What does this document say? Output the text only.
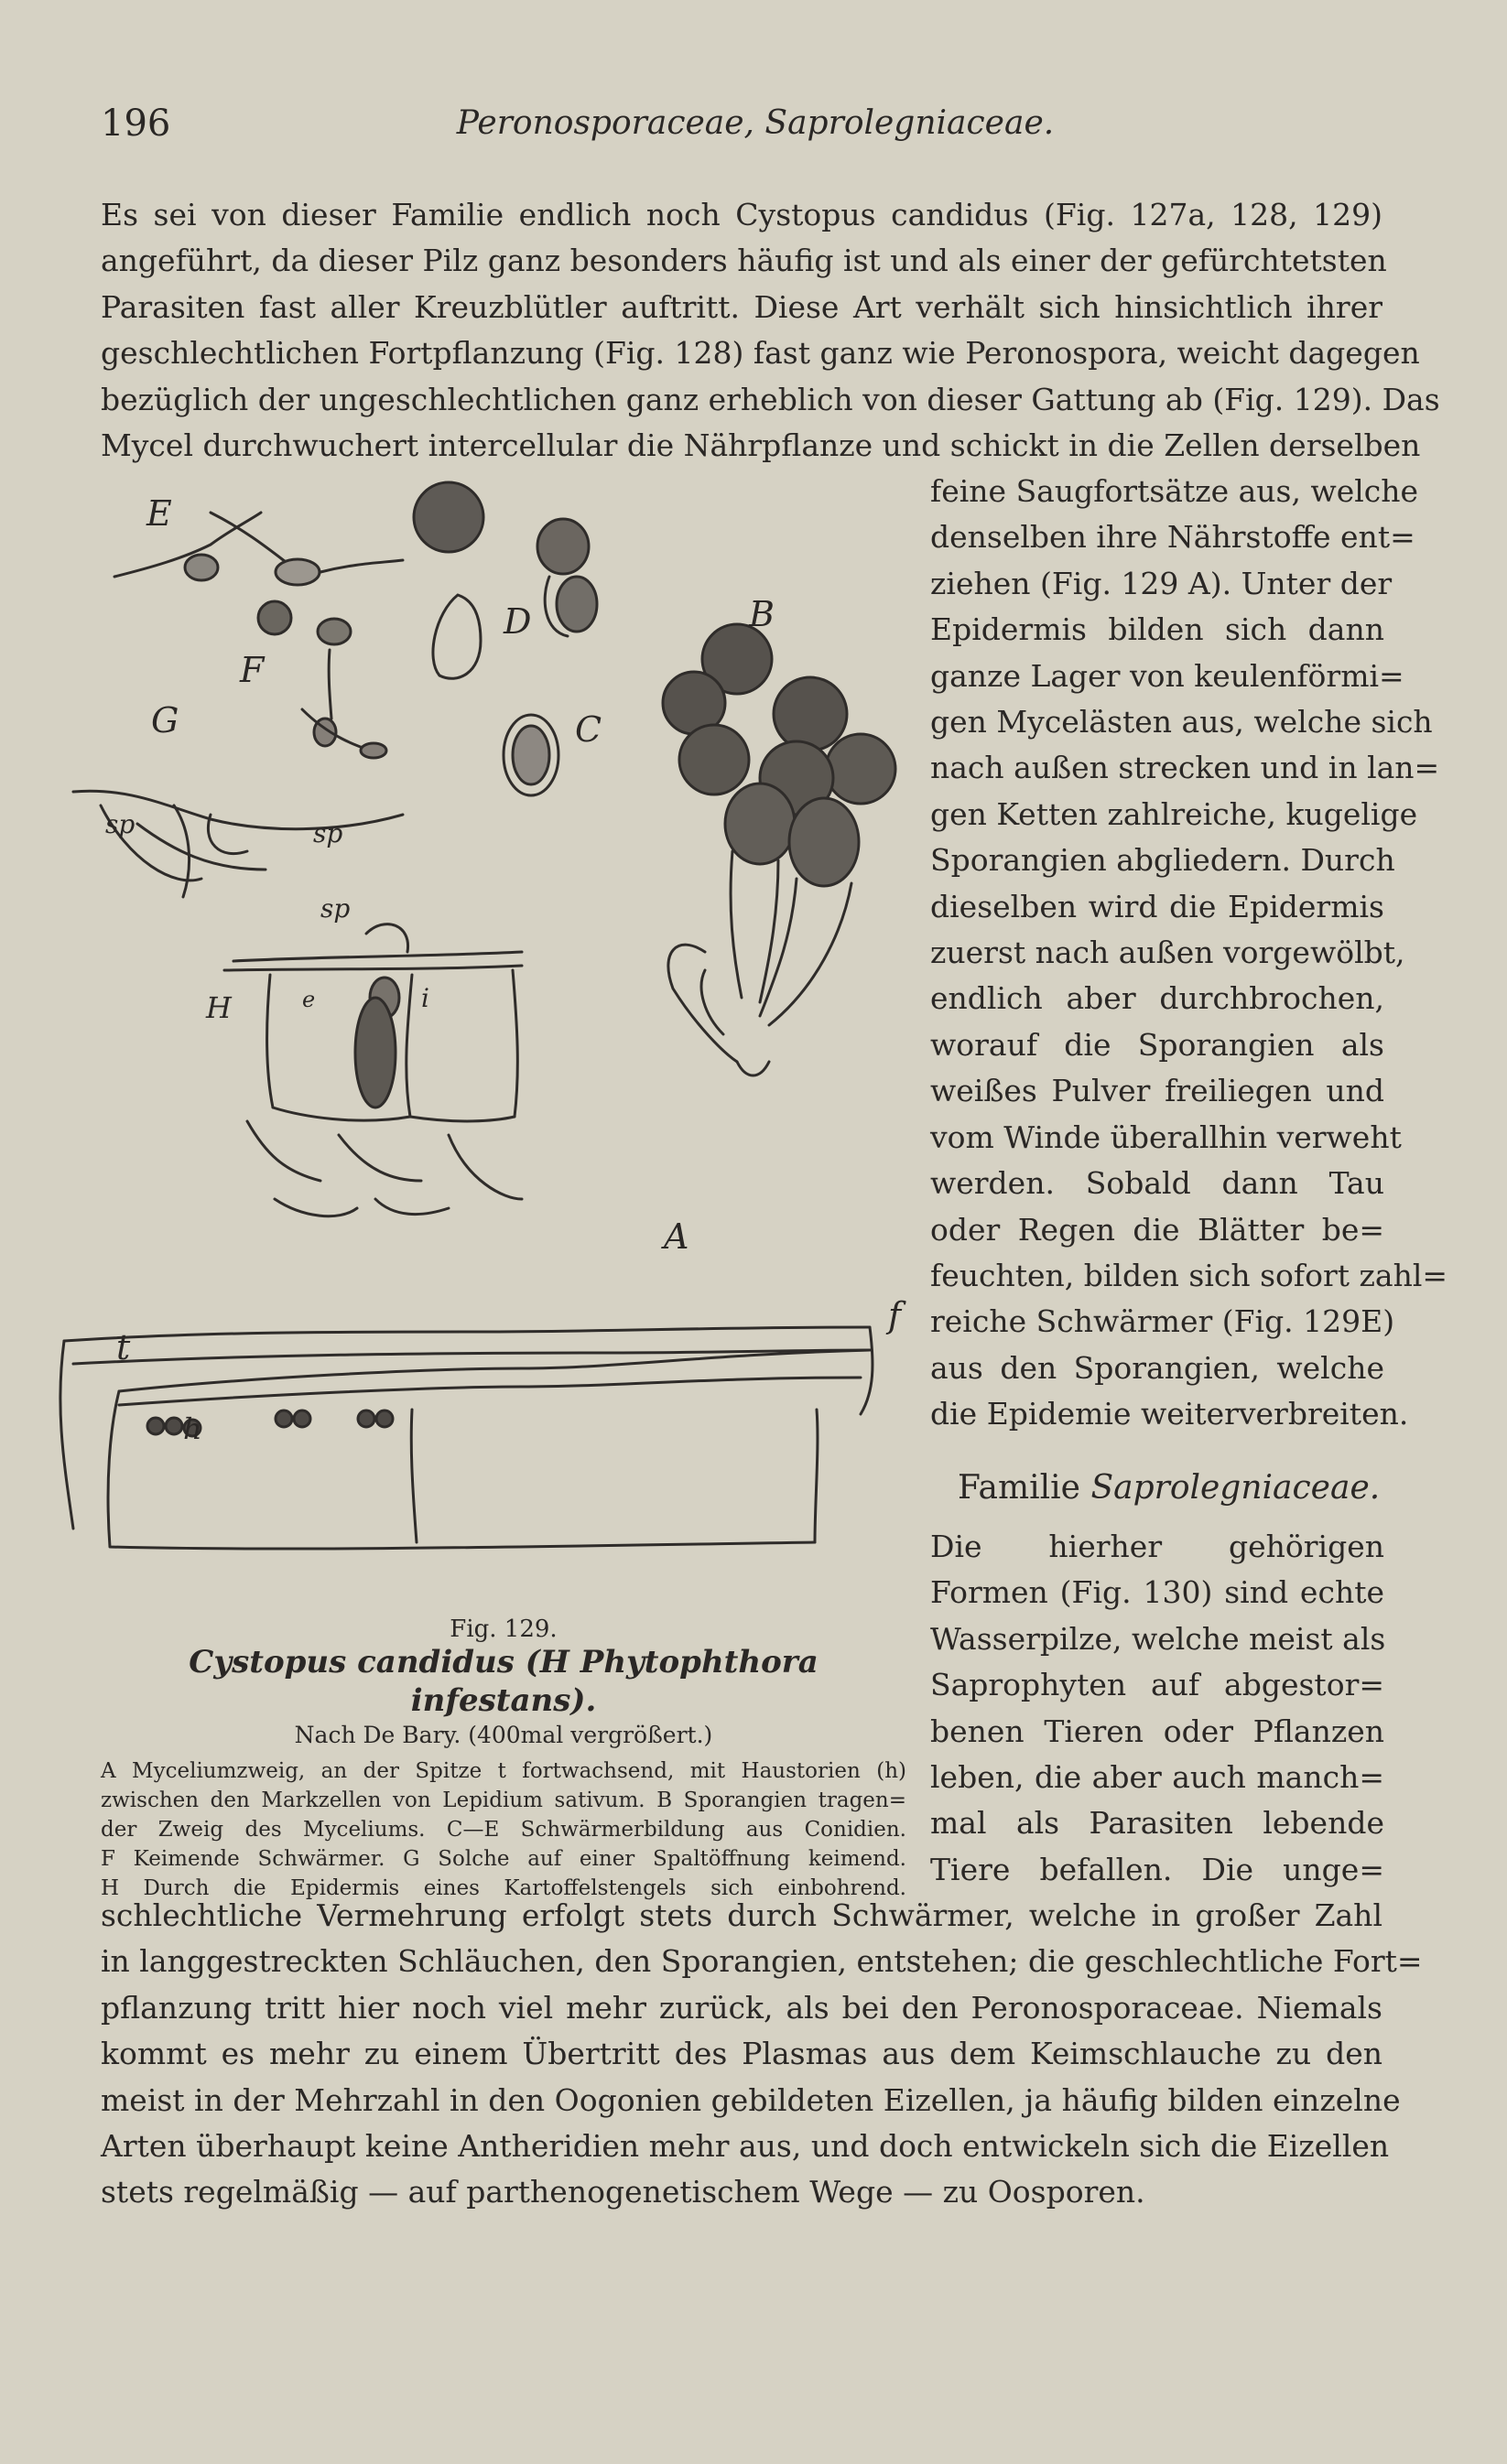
196	Peronosporaceae, Saprolegniaceae.

Es sei von dieser Familie endlich noch Cystopus candidus (Fig. 127a, 128, 129)
angeführt, da dieser Pilz ganz besonders häufig ist und als einer der gefürchtetsten
Parasiten fast aller Kreuzblütler auftritt. Diese Art verhält sich hinsichtlich ihrer
geschlechtlichen Fortpflanzung (Fig. 128) fast ganz wie Peronospora, weicht dagegen
bezüglich der ungeschlechtlichen ganz erheblich von dieser Gattung ab (Fig. 129). Das
Mycel durchwuchert intercellular die Nährpflanze und schickt in die Zellen derselben

feine Saugfortsätze aus, welche
denselben ihre Nährstoffe ent=
ziehen (Fig. 129 A). Unter der
Epidermis bilden sich dann
ganze Lager von keulenförmi=
gen Mycelästen aus, welche sich
nach außen strecken und in lan=
gen Ketten zahlreiche, kugelige
Sporangien abgliedern. Durch
dieselben wird die Epidermis
zuerst nach außen vorgewölbt,
endlich aber durchbrochen,
worauf die Sporangien als
weißes Pulver freiliegen und
vom Winde überallhin verweht
werden. Sobald dann Tau
oder Regen die Blätter be=
feuchten, bilden sich sofort zahl=
reiche Schwärmer (Fig. 129E)
aus den Sporangien, welche
die Epidemie weiterverbreiten.

Familie Saprolegniaceae.

Die hierher gehörigen
Formen (Fig. 130) sind echte
Wasserpilze, welche meist als
Saprophyten auf abgestor=
benen Tieren oder Pflanzen
leben, die aber auch manch=
mal als Parasiten lebende
Tiere befallen. Die unge=

schlechtliche Vermehrung erfolgt stets durch Schwärmer, welche in großer Zahl
in langgestreckten Schläuchen, den Sporangien, entstehen; die geschlechtliche Fort=
pflanzung tritt hier noch viel mehr zurück, als bei den Peronosporaceae. Niemals
kommt es mehr zu einem Übertritt des Plasmas aus dem Keimschlauche zu den
meist in der Mehrzahl in den Oogonien gebildeten Eizellen, ja häufig bilden einzelne
Arten überhaupt keine Antheridien mehr aus, und doch entwickeln sich die Eizellen
stets regelmäßig — auf parthenogenetischem Wege — zu Oosporen.

E
D	B
F
C
G
sp	sp
sp
H	e	i
A
t
f
h
Fig. 129.
Cystopus candidus (H Phytophthora infestans).
Nach De Bary. (400mal vergrößert.)
A Myceliumzweig, an der Spitze t fortwachsend, mit Haustorien (h)
zwischen den Markzellen von Lepidium sativum. B Sporangien tragen=
der Zweig des Myceliums. C—E Schwärmerbildung aus Conidien.
F Keimende Schwärmer. G Solche auf einer Spaltöffnung keimend.
H Durch die Epidermis eines Kartoffelstengels sich einbohrend.
